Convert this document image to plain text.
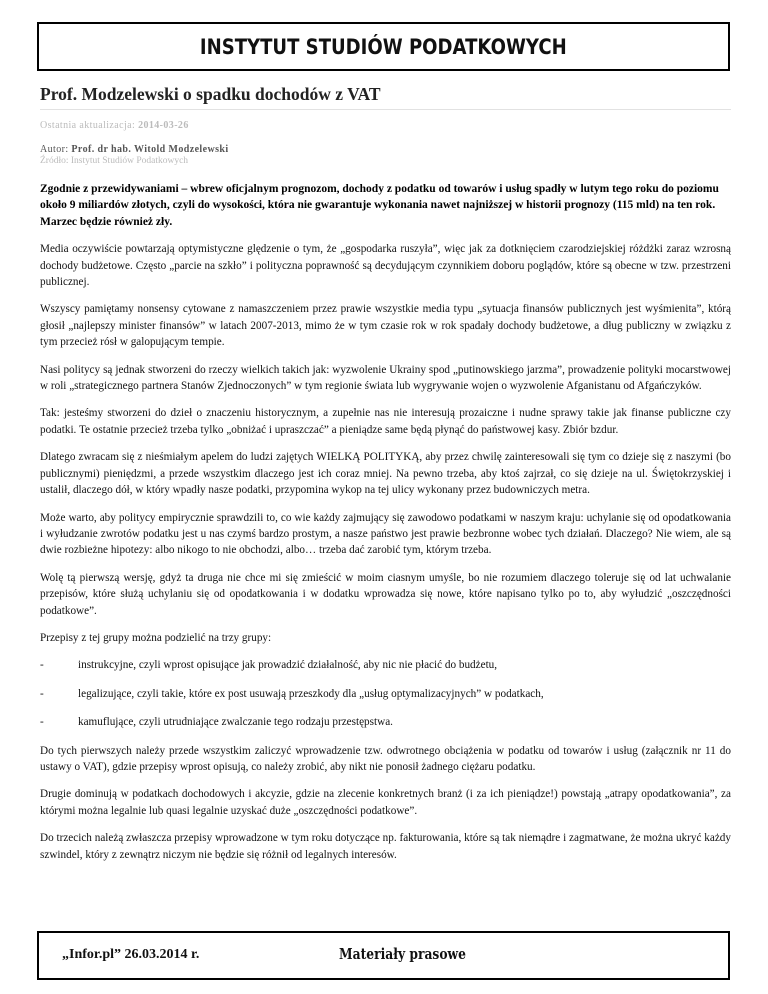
INSTYTUT STUDIÓW PODATKOWYCH
Prof. Modzelewski o spadku dochodów z VAT
Ostatnia aktualizacja: 2014-03-26
Autor: Prof. dr hab. Witold Modzelewski
Źródło: Instytut Studiów Podatkowych
Zgodnie z przewidywaniami – wbrew oficjalnym prognozom, dochody z podatku od towarów i usług spadły w lutym tego roku do poziomu około 9 miliardów złotych, czyli do wysokości, która nie gwarantuje wykonania nawet najniższej w historii prognozy (115 mld) na ten rok. Marzec będzie również zły.

Media oczywiście powtarzają optymistyczne ględzenie o tym, że „gospodarka ruszyła”, więc jak za dotknięciem czarodziejskiej różdżki zaraz wzrosną dochody budżetowe. Często „parcie na szkło” i polityczna poprawność są decydującym czynnikiem doboru poglądów, które są obecne w tzw. przestrzeni publicznej.

Wszyscy pamiętamy nonsensy cytowane z namaszczeniem przez prawie wszystkie media typu „sytuacja finansów publicznych jest wyśmienita”, którą głosił „najlepszy minister finansów” w latach 2007-2013, mimo że w tym czasie rok w rok spadały dochody budżetowe, a dług publiczny w związku z tym przecież rósł w galopującym tempie.

Nasi politycy są jednak stworzeni do rzeczy wielkich takich jak: wyzwolenie Ukrainy spod „putinowskiego jarzma”, prowadzenie polityki mocarstwowej w roli „strategicznego partnera Stanów Zjednoczonych” w tym regionie świata lub wygrywanie wojen o wyzwolenie Afganistanu od Afgańczyków.

Tak: jesteśmy stworzeni do dzieł o znaczeniu historycznym, a zupełnie nas nie interesują prozaiczne i nudne sprawy takie jak finanse publiczne czy podatki. Te ostatnie przecież trzeba tylko „obniżać i upraszczać” a pieniądze same będą płynąć do państwowej kasy. Zbiór bzdur.

Dlatego zwracam się z nieśmiałym apelem do ludzi zajętych WIELKĄ POLITYKĄ, aby przez chwilę zainteresowali się tym co dzieje się z naszymi (bo publicznymi) pieniędzmi, a przede wszystkim dlaczego jest ich coraz mniej. Na pewno trzeba, aby ktoś zajrzał, co się dzieje na ul. Świętokrzyskiej i ustalił, dlaczego dół, w który wpadły nasze podatki, przypomina wykop na tej ulicy wykonany przez budowniczych metra.

Może warto, aby politycy empirycznie sprawdzili to, co wie każdy zajmujący się zawodowo podatkami w naszym kraju: uchylanie się od opodatkowania i wyłudzanie zwrotów podatku jest u nas czymś bardzo prostym, a nasze państwo jest prawie bezbronne wobec tych działań. Dlaczego? Nie wiem, ale są dwie rozbieżne hipotezy: albo nikogo to nie obchodzi, albo… trzeba dać zarobić tym, którym trzeba.

Wolę tą pierwszą wersję, gdyż ta druga nie chce mi się zmieścić w moim ciasnym umyśle, bo nie rozumiem dlaczego toleruje się od lat uchwalanie przepisów, które służą uchylaniu się od opodatkowania i w dodatku wprowadza się nowe, które napisano tylko po to, aby wyłudzić „oszczędności podatkowe”.

Przepisy z tej grupy można podzielić na trzy grupy:

-	instrukcyjne, czyli wprost opisujące jak prowadzić działalność, aby nic nie płacić do budżetu,
-	legalizujące, czyli takie, które ex post usuwają przeszkody dla „usług optymalizacyjnych” w podatkach,
-	kamuflujące, czyli utrudniające zwalczanie tego rodzaju przestępstwa.

Do tych pierwszych należy przede wszystkim zaliczyć wprowadzenie tzw. odwrotnego obciążenia w podatku od towarów i usług (załącznik nr 11 do ustawy o VAT), gdzie przepisy wprost opisują, co należy zrobić, aby nikt nie ponosił żadnego ciężaru podatku.

Drugie dominują w podatkach dochodowych i akcyzie, gdzie na zlecenie konkretnych branż (i za ich pieniądze!) powstają „atrapy opodatkowania”, za którymi można legalnie lub quasi legalnie uzyskać duże „oszczędności podatkowe”.

Do trzecich należą zwłaszcza przepisy wprowadzone w tym roku dotyczące np. fakturowania, które są tak niemądre i zagmatwane, że można ukryć każdy szwindel, który z zewnątrz niczym nie będzie się różnił od legalnych interesów.

„Infor.pl” 26.03.2014 r.	Materiały prasowe
